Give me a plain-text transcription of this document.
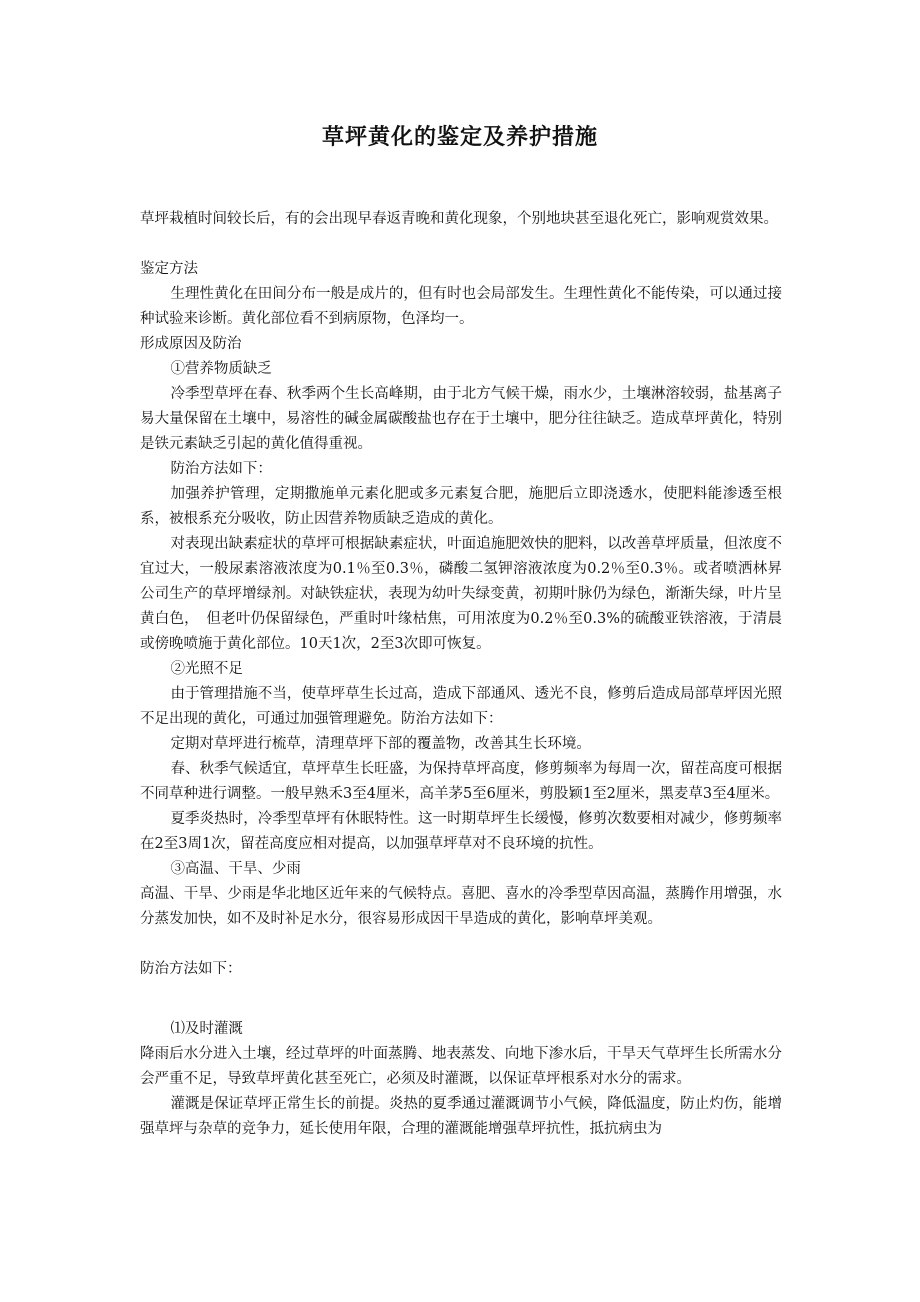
草坪黄化的鉴定及养护措施

草坪栽植时间较长后，有的会出现早春返青晚和黄化现象，个别地块甚至退化死亡，影响观赏效果。

鉴定方法

生理性黄化在田间分布一般是成片的，但有时也会局部发生。生理性黄化不能传染，可以通过接种试验来诊断。黄化部位看不到病原物，色泽均一。

形成原因及防治

①营养物质缺乏

冷季型草坪在春、秋季两个生长高峰期，由于北方气候干燥，雨水少，土壤淋溶较弱，盐基离子易大量保留在土壤中，易溶性的碱金属碳酸盐也存在于土壤中，肥分往往缺乏。造成草坪黄化，特别是铁元素缺乏引起的黄化值得重视。

防治方法如下：

加强养护管理，定期撒施单元素化肥或多元素复合肥，施肥后立即浇透水，使肥料能渗透至根系，被根系充分吸收，防止因营养物质缺乏造成的黄化。

对表现出缺素症状的草坪可根据缺素症状，叶面追施肥效快的肥料，以改善草坪质量，但浓度不宜过大，一般尿素溶液浓度为0.1％至0.3％，磷酸二氢钾溶液浓度为0.2％至0.3％。或者喷洒林昇公司生产的草坪增绿剂。对缺铁症状，表现为幼叶失绿变黄，初期叶脉仍为绿色，渐渐失绿，叶片呈黄白色，　但老叶仍保留绿色，严重时叶缘枯焦，可用浓度为0.2％至0.3%的硫酸亚铁溶液，于清晨或傍晚喷施于黄化部位。10天1次，2至3次即可恢复。

②光照不足

由于管理措施不当，使草坪草生长过高，造成下部通风、透光不良，修剪后造成局部草坪因光照不足出现的黄化，可通过加强管理避免。防治方法如下：

定期对草坪进行梳草，清理草坪下部的覆盖物，改善其生长环境。

春、秋季气候适宜，草坪草生长旺盛，为保持草坪高度，修剪频率为每周一次，留茬高度可根据不同草种进行调整。一般早熟禾3至4厘米，高羊茅5至6厘米，剪股颖1至2厘米，黑麦草3至4厘米。

夏季炎热时，冷季型草坪有休眠特性。这一时期草坪生长缓慢，修剪次数要相对减少，修剪频率在2至3周1次，留茬高度应相对提高，以加强草坪草对不良环境的抗性。

③高温、干旱、少雨

高温、干旱、少雨是华北地区近年来的气候特点。喜肥、喜水的冷季型草因高温，蒸腾作用增强，水分蒸发加快，如不及时补足水分，很容易形成因干旱造成的黄化，影响草坪美观。

防治方法如下：

⑴及时灌溉

降雨后水分进入土壤，经过草坪的叶面蒸腾、地表蒸发、向地下渗水后，干旱天气草坪生长所需水分会严重不足，导致草坪黄化甚至死亡，必须及时灌溉，以保证草坪根系对水分的需求。

灌溉是保证草坪正常生长的前提。炎热的夏季通过灌溉调节小气候，降低温度，防止灼伤，能增强草坪与杂草的竞争力，延长使用年限，合理的灌溉能增强草坪抗性，抵抗病虫为
